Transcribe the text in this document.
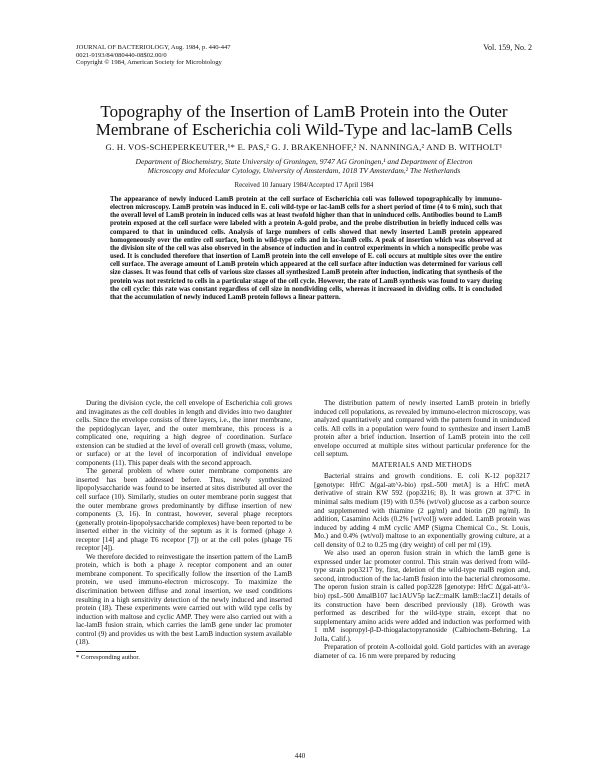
JOURNAL OF BACTERIOLOGY, Aug. 1984, p. 440-447
0021-9193/84/080440-08$02.00/0
Copyright © 1984, American Society for Microbiology
Vol. 159, No. 2
Topography of the Insertion of LamB Protein into the Outer
Membrane of Escherichia coli Wild-Type and lac-lamB Cells
G. H. VOS-SCHEPERKEUTER,¹* E. PAS,² G. J. BRAKENHOFF,² N. NANNINGA,² AND B. WITHOLT¹
Department of Biochemistry, State University of Groningen, 9747 AG Groningen,¹ and Department of Electron
Microscopy and Molecular Cytology, University of Amsterdam, 1018 TV Amsterdam,² The Netherlands
Received 10 January 1984/Accepted 17 April 1984
The appearance of newly induced LamB protein at the cell surface of Escherichia coli was followed topographically by immuno-electron microscopy. LamB protein was induced in E. coli wild-type or lac-lamB cells for a short period of time (4 to 6 min), such that the overall level of LamB protein in induced cells was at least twofold higher than that in uninduced cells. Antibodies bound to LamB protein exposed at the cell surface were labeled with a protein A-gold probe, and the probe distribution in briefly induced cells was compared to that in uninduced cells. Analysis of large numbers of cells showed that newly inserted LamB protein appeared homogeneously over the entire cell surface, both in wild-type cells and in lac-lamB cells. A peak of insertion which was observed at the division site of the cell was also observed in the absence of induction and in control experiments in which a nonspecific probe was used. It is concluded therefore that insertion of LamB protein into the cell envelope of E. coli occurs at multiple sites over the entire cell surface. The average amount of LamB protein which appeared at the cell surface after induction was determined for various cell size classes. It was found that cells of various size classes all synthesized LamB protein after induction, indicating that synthesis of the protein was not restricted to cells in a particular stage of the cell cycle. However, the rate of LamB synthesis was found to vary during the cell cycle: this rate was constant regardless of cell size in nondividing cells, whereas it increased in dividing cells. It is concluded that the accumulation of newly induced LamB protein follows a linear pattern.

During the division cycle, the cell envelope of Escherichia coli grows and invaginates as the cell doubles in length and divides into two daughter cells. Since the envelope consists of three layers, i.e., the inner membrane, the peptidoglycan layer, and the outer membrane, this process is a complicated one, requiring a high degree of coordination. Surface extension can be studied at the level of overall cell growth (mass, volume, or surface) or at the level of incorporation of individual envelope components (11). This paper deals with the second approach.

The general problem of where outer membrane components are inserted has been addressed before. Thus, newly synthesized lipopolysaccharide was found to be inserted at sites distributed all over the cell surface (10). Similarly, studies on outer membrane porin suggest that the outer membrane grows predominantly by diffuse insertion of new components (3, 16). In contrast, however, several phage receptors (generally protein-lipopolysaccharide complexes) have been reported to be inserted either in the vicinity of the septum as it is formed (phage λ receptor [14] and phage T6 receptor [7]) or at the cell poles (phage T6 receptor [4]).

We therefore decided to reinvestigate the insertion pattern of the LamB protein, which is both a phage λ receptor component and an outer membrane component. To specifically follow the insertion of the LamB protein, we used immuno-electron microscopy. To maximize the discrimination between diffuse and zonal insertion, we used conditions resulting in a high sensitivity detection of the newly induced and inserted protein (18). These experiments were carried out with wild type cells by induction with maltose and cyclic AMP. They were also carried out with a lac-lamB fusion strain, which carries the lamB gene under lac promoter control (9) and provides us with the best LamB induction system available (18).

* Corresponding author.

The distribution pattern of newly inserted LamB protein in briefly induced cell populations, as revealed by immuno-electron microscopy, was analyzed quantitatively and compared with the pattern found in uninduced cells. All cells in a population were found to synthesize and insert LamB protein after a brief induction. Insertion of LamB protein into the cell envelope occurred at multiple sites without particular preference for the cell septum.

MATERIALS AND METHODS

Bacterial strains and growth conditions. E. coli K-12 pop3217 [genotype: HfrC Δ(gal-att^λ-bio) rpsL-500 metA] is a HfrC metA derivative of strain KW 592 (pop3216; 8). It was grown at 37°C in minimal salts medium (19) with 0.5% (wt/vol) glucose as a carbon source and supplemented with thiamine (2 μg/ml) and biotin (20 ng/ml). In addition, Casamino Acids (0.2% [wt/vol]) were added. LamB protein was induced by adding 4 mM cyclic AMP (Sigma Chemical Co., St. Louis, Mo.) and 0.4% (wt/vol) maltose to an exponentially growing culture, at a cell density of 0.2 to 0.25 mg (dry weight) of cell per ml (19).

We also used an operon fusion strain in which the lamB gene is expressed under lac promoter control. This strain was derived from wild-type strain pop3217 by, first, deletion of the wild-type malB region and, second, introduction of the lac-lamB fusion into the bacterial chromosome. The operon fusion strain is called pop3228 [genotype: HfrC Δ(gal-att^λ-bio) rpsL-500 ΔmalB107 lac1AUV5p lacZ::malK lamB::lacZ1] details of its construction have been described previously (18). Growth was performed as described for the wild-type strain, except that no supplementary amino acids were added and induction was performed with 1 mM isopropyl-β-D-thiogalactopyranoside (Calbiochem-Behring, La Jolla, Calif.).

Preparation of protein A-colloidal gold. Gold particles with an average diameter of ca. 16 nm were prepared by reducing

440
